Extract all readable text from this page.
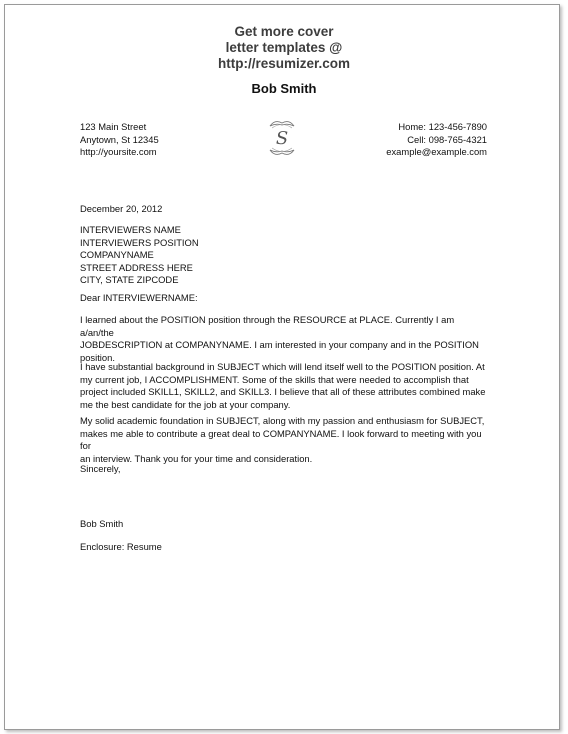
Get more cover
letter templates @
http://resumizer.com
Bob Smith
123 Main Street
Anytown, St 12345
http://yoursite.com
S
Home: 123-456-7890
Cell: 098-765-4321
example@example.com
December 20, 2012
INTERVIEWERS NAME
INTERVIEWERS POSITION
COMPANYNAME
STREET ADDRESS HERE
CITY, STATE ZIPCODE
Dear INTERVIEWERNAME:
I learned about the POSITION position through the RESOURCE at PLACE. Currently I am a/an/the
JOBDESCRIPTION at COMPANYNAME. I am interested in your company and in the POSITION
position.
I have substantial background in SUBJECT which will lend itself well to the POSITION position. At
my current job, I ACCOMPLISHMENT. Some of the skills that were needed to accomplish that
project included SKILL1, SKILL2, and SKILL3. I believe that all of these attributes combined make
me the best candidate for the job at your company.
My solid academic foundation in SUBJECT, along with my passion and enthusiasm for SUBJECT,
makes me able to contribute a great deal to COMPANYNAME. I look forward to meeting with you for
an interview. Thank you for your time and consideration.
Sincerely,
Bob Smith
Enclosure: Resume
